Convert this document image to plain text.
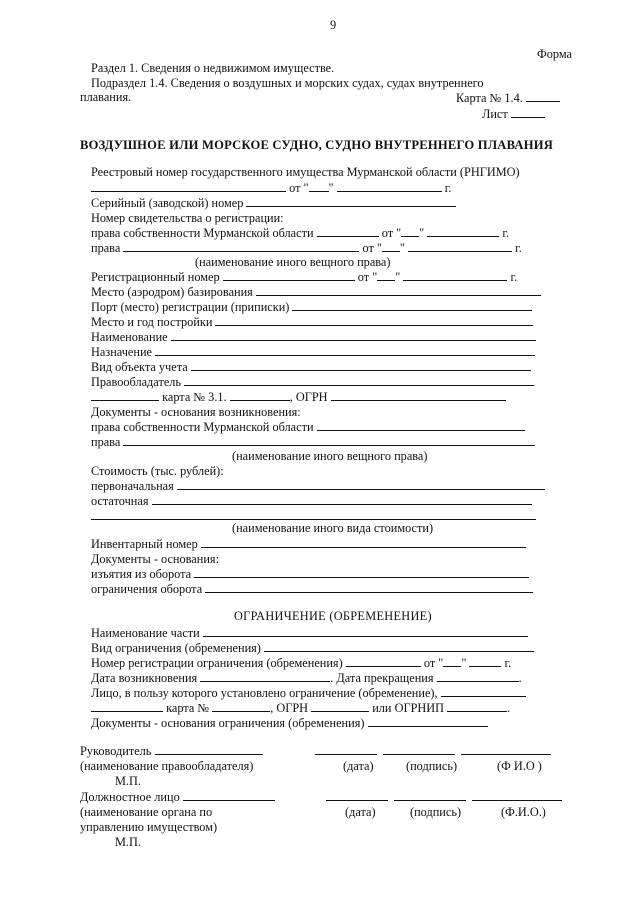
9
Форма
Раздел 1. Сведения о недвижимом имуществе.
Подраздел 1.4. Сведения о воздушных и морских судах, судах внутреннего
плавания.	Карта № 1.4.
Лист
ВОЗДУШНОЕ ИЛИ МОРСКОЕ СУДНО, СУДНО ВНУТРЕННЕГО ПЛАВАНИЯ
Реестровый номер государственного имущества Мурманской области (РНГИМО)
от " "	г.
Серийный (заводской) номер
Номер свидетельства о регистрации:
права собственности Мурманской области	от " "	г.
права	от " "	г.
(наименование иного вещного права)
Регистрационный номер	от " "	г.
Место (аэродром) базирования
Порт (место) регистрации (приписки)
Место и год постройки
Наименование
Назначение
Вид объекта учета
Правообладатель
карта № 3.1.	, ОГРН
Документы - основания возникновения:
права собственности Мурманской области
права
(наименование иного вещного права)
Стоимость (тыс. рублей):
первоначальная
остаточная
(наименование иного вида стоимости)
Инвентарный номер
Документы - основания:
изъятия из оборота
ограничения оборота
ОГРАНИЧЕНИЕ (ОБРЕМЕНЕНИЕ)
Наименование части
Вид ограничения (обременения)
Номер регистрации ограничения (обременения)	от " "	г.
Дата возникновения	. Дата прекращения	.
Лицо, в пользу которого установлено ограничение (обременение),
карта №	, ОГРН	или ОГРНИП	.
Документы - основания ограничения (обременения)
Руководитель

(наименование правообладателя)	(дата)	(подпись)	(Ф И.О )
М.П.
Должностное лицо

(наименование органа по	(дата)	(подпись)	(Ф.И.О.)
управлению имуществом)
М.П.
